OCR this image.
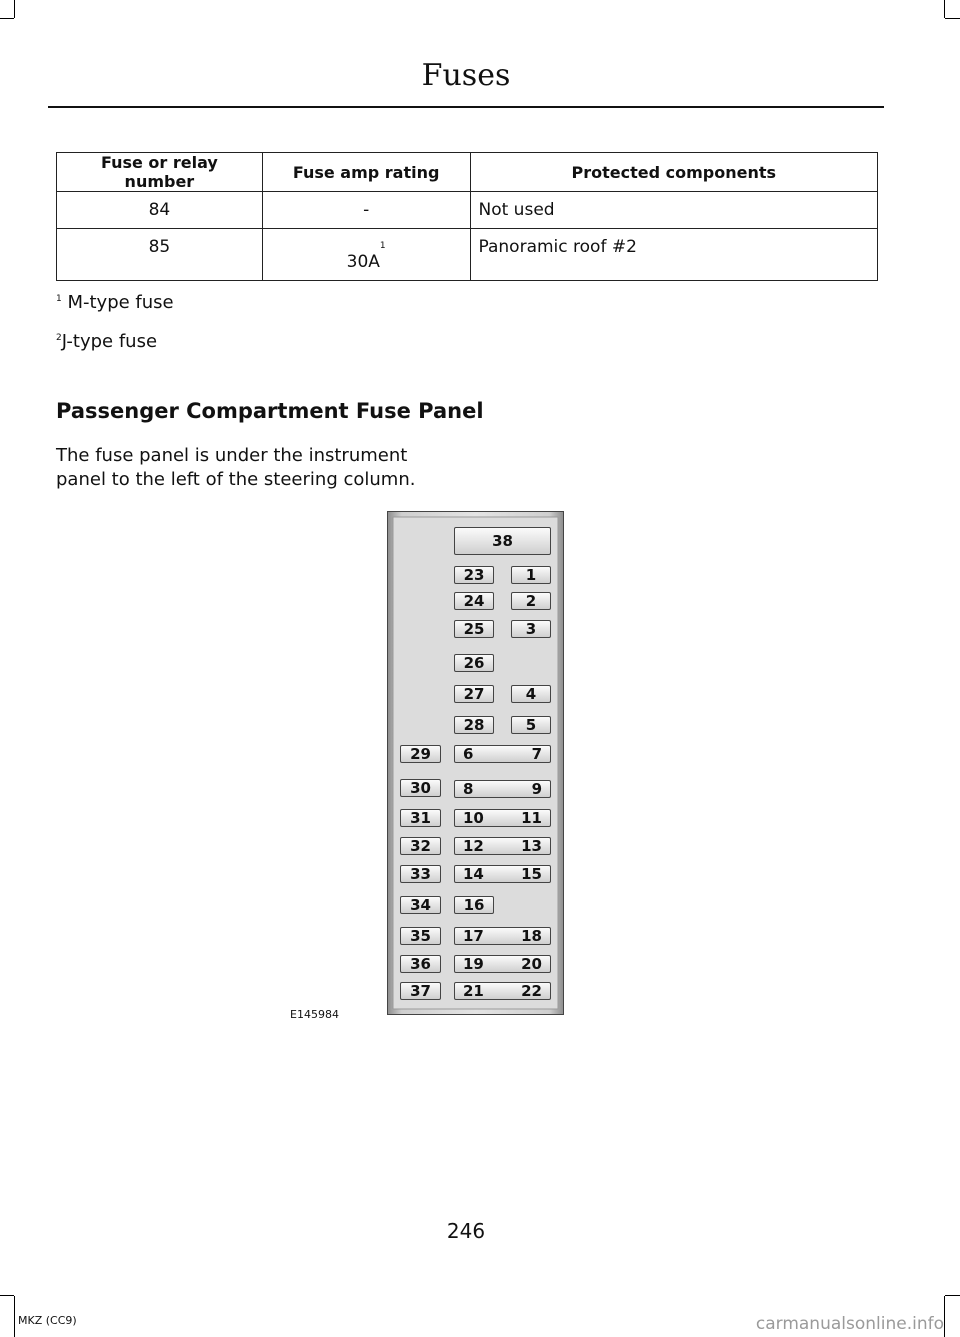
Fuses
Fuse or relay number	Fuse amp rating	Protected components
84	-	Not used
85	$30A^1$	Panoramic roof #2
$^1$ M-type fuse
$^2$J-type fuse
Passenger Compartment Fuse Panel
The fuse panel is under the instrument panel to the left of the steering column.
38
23	1
24	2
25	3
26
27	4
28	5
29 6	7
30 8	9
31 10 11
32 12 13
33 14 15
34 16
35 17 18
36 19 20
37 21 22
E145984
246
MKZ (CC9)	carmanualsonline.info
